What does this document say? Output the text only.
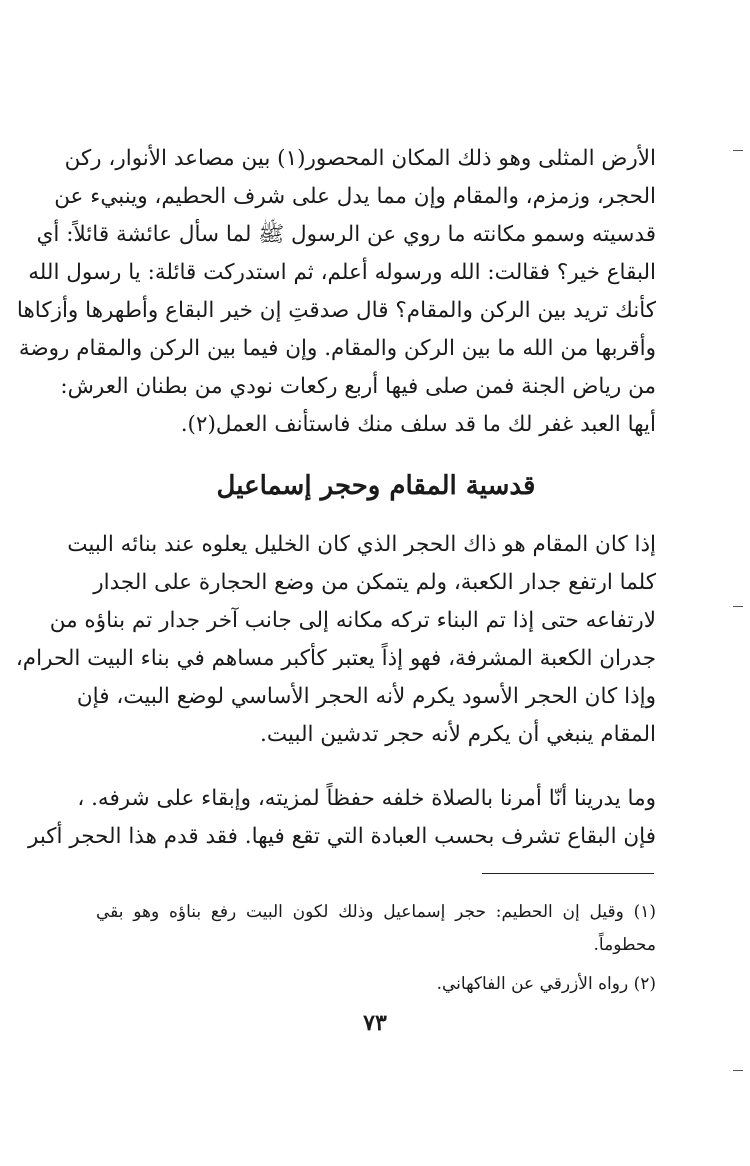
الأرض المثلى وهو ذلك المكان المحصور(١) بين مصاعد الأنوار، ركن
الحجر، وزمزم، والمقام وإن مما يدل على شرف الحطيم، وينبيء عن
قدسيته وسمو مكانته ما روي عن الرسول ﷺ لما سأل عائشة قائلاً: أي
البقاع خير؟ فقالت: الله ورسوله أعلم، ثم استدركت قائلة: يا رسول الله
كأنك تريد بين الركن والمقام؟ قال صدقتِ إن خير البقاع وأطهرها وأزكاها
وأقربها من الله ما بين الركن والمقام. وإن فيما بين الركن والمقام روضة
من رياض الجنة فمن صلى فيها أربع ركعات نودي من بطنان العرش:
أيها العبد غفر لك ما قد سلف منك فاستأنف العمل(٢).

قدسية المقام وحجر إسماعيل

إذا كان المقام هو ذاك الحجر الذي كان الخليل يعلوه عند بنائه البيت
كلما ارتفع جدار الكعبة، ولم يتمكن من وضع الحجارة على الجدار
لارتفاعه حتى إذا تم البناء تركه مكانه إلى جانب آخر جدار تم بناؤه من
جدران الكعبة المشرفة، فهو إذاً يعتبر كأكبر مساهم في بناء البيت الحرام،
وإذا كان الحجر الأسود يكرم لأنه الحجر الأساسي لوضع البيت، فإن
المقام ينبغي أن يكرم لأنه حجر تدشين البيت.

وما يدرينا أنّا أمرنا بالصلاة خلفه حفظاً لمزيته، وإبقاء على شرفه. ،
فإن البقاع تشرف بحسب العبادة التي تقع فيها. فقد قدم هذا الحجر أكبر

(١) وقيل إن الحطيم: حجر إسماعيل وذلك لكون البيت رفع بناؤه وهو بقي
محطوماً.

(٢) رواه الأزرقي عن الفاكهاني.

٧٣
